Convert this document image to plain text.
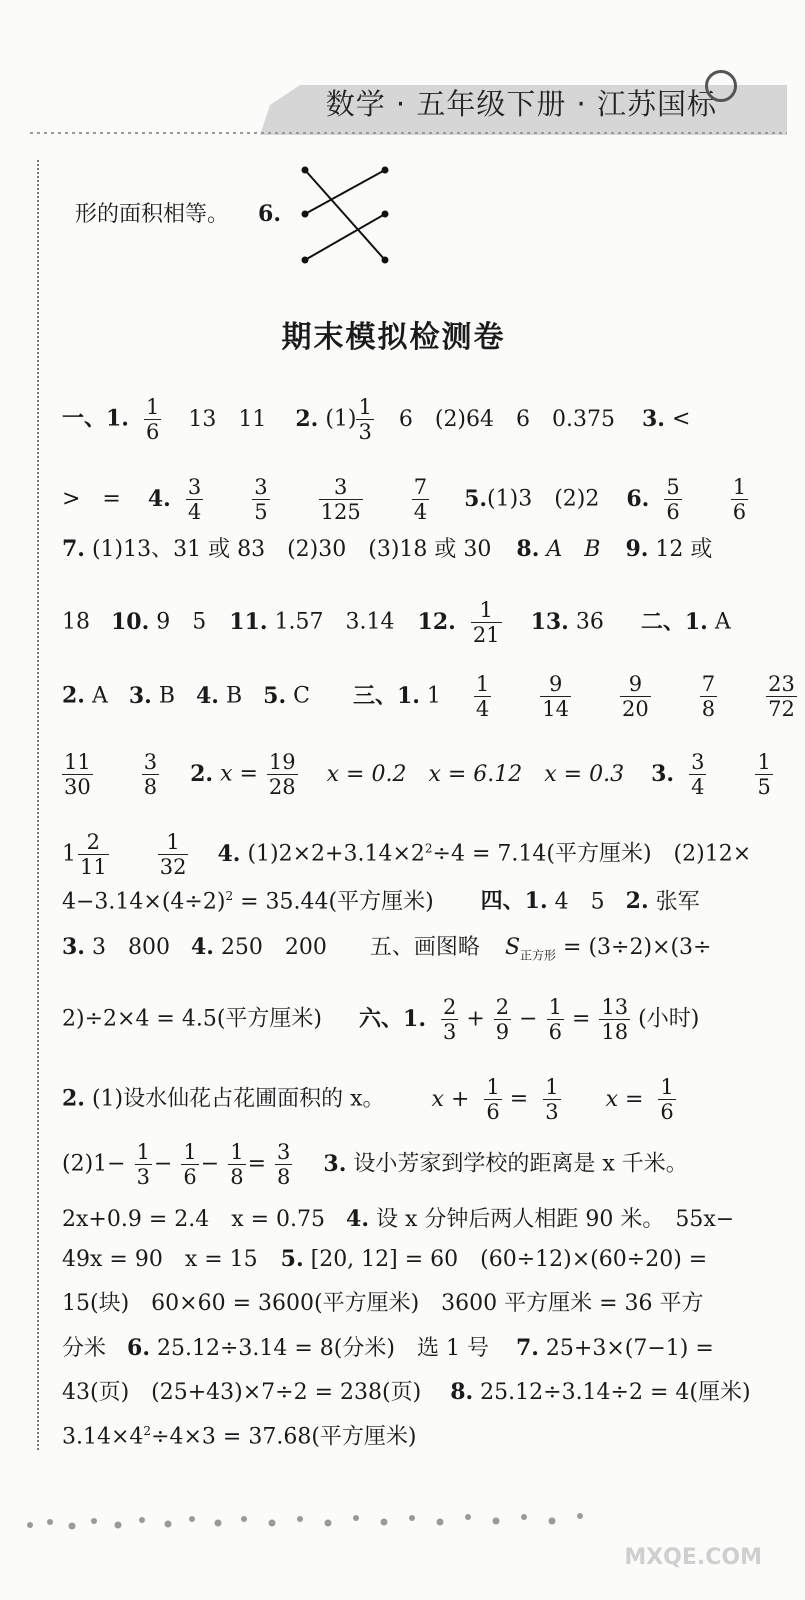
数学 · 五年级下册 · 江苏国标
形的面积相等。 6.
期末模拟检测卷
一、1. $\frac{1}{6} 13$　11 2. $(1) \frac{1}{3} 6$　(2)64　6　0.375 3. <
>　= 4. $\frac{3}{4}$
$\frac{3}{5}$
$\frac{3}{125}$
$\frac{7}{4} 5.(1)3$　(2)2 6. $\frac{5}{6}$
$\frac{1}{6}$
7. (1)13、31 或 83　(2)30　(3)18 或 30 8. A　B 9. 12 或
18 10. 9　5 11. 1.57　3.14 12. $\frac{1}{21} 13$. 36 二、1. A
2. A 3. B 4. B 5. C 三、1. $1 \frac{1}{4}$
$\frac{9}{14}$
$\frac{9}{20}$
$\frac{7}{8}$
$\frac{23}{72}$
$\frac{11}{30}$
$\frac{3}{8} 2$. $x = \frac{19}{28}$ x = 0.2　x = 6.12　x = 0.3 3. $\frac{3}{4}$
$\frac{1}{5}$
$1 \frac{2}{11}$
$\frac{1}{32} 4$. $(1)2\times 2+3.14\times 2^2\div 4 = 7.14$(平方厘米)　(2)12×
$4-3.14\times(4\div 2)^2 = 35.44$(平方厘米) 四、1. 4　5 2. 张军
3. 3　800 4. 250　200 五、画图略 $S_{正方形} = (3\div 2)\times(3\div$
2)÷2×4 = 4.5(平方厘米) 六、1. $\frac{2}{3} + \frac{2}{9} - \frac{1}{6} = \frac{13}{18}$ (小时)
2. (1)设水仙花占花圃面积的 x。 $x + \frac{1}{6} = \frac{1}{3}$ $x = \frac{1}{6}$
$(2)1- \frac{1}{3} - \frac{1}{6} - \frac{1}{8} = \frac{3}{8} 3$. 设小芳家到学校的距离是 x 千米。
2x+0.9 = 2.4　x = 0.75 4. 设 x 分钟后两人相距 90 米。　55x−
49x = 90　x = 15 5. [20, 12] = 60　(60÷12)×(60÷20) =
15(块)　60×60 = 3600(平方厘米)　3600 平方厘米 = 36 平方
分米 6. 25.12÷3.14 = 8(分米)　选 1 号 7. 25+3×(7−1) =
43(页)　(25+43)×7÷2 = 238(页) 8. 25.12÷3.14÷2 = 4(厘米)
$3.14\times 4^2\div 4\times 3 = 37.68$(平方厘米)
MXQE.COM
